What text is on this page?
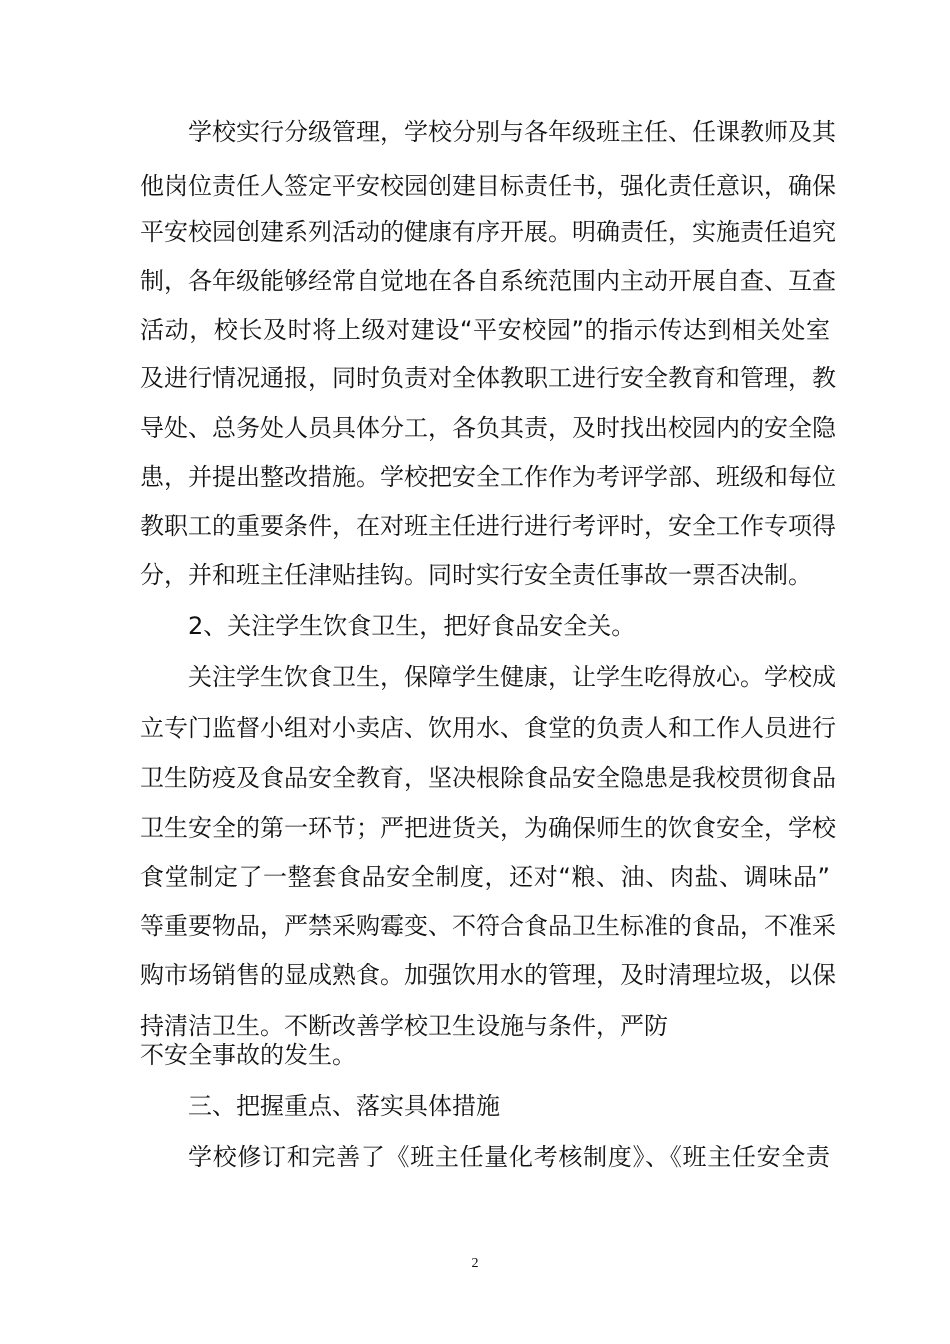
学校实行分级管理，学校分别与各年级班主任、任课教师及其
他岗位责任人签定平安校园创建目标责任书，强化责任意识，确保
平安校园创建系列活动的健康有序开展。明确责任，实施责任追究
制，各年级能够经常自觉地在各自系统范围内主动开展自查、互查
活动，校长及时将上级对建设“平安校园”的指示传达到相关处室
及进行情况通报，同时负责对全体教职工进行安全教育和管理，教
导处、总务处人员具体分工，各负其责，及时找出校园内的安全隐
患，并提出整改措施。学校把安全工作作为考评学部、班级和每位
教职工的重要条件，在对班主任进行进行考评时，安全工作专项得
分，并和班主任津贴挂钩。同时实行安全责任事故一票否决制。
2、关注学生饮食卫生，把好食品安全关。
关注学生饮食卫生，保障学生健康，让学生吃得放心。学校成
立专门监督小组对小卖店、饮用水、食堂的负责人和工作人员进行
卫生防疫及食品安全教育，坚决根除食品安全隐患是我校贯彻食品
卫生安全的第一环节；严把进货关，为确保师生的饮食安全，学校
食堂制定了一整套食品安全制度，还对“粮、油、肉盐、调味品”
等重要物品，严禁采购霉变、不符合食品卫生标准的食品，不准采
购市场销售的显成熟食。加强饮用水的管理，及时清理垃圾，以保
持清洁卫生。不断改善学校卫生设施与条件，严防
不安全事故的发生。
三、把握重点、落实具体措施
学校修订和完善了《班主任量化考核制度》、《班主任安全责
2
